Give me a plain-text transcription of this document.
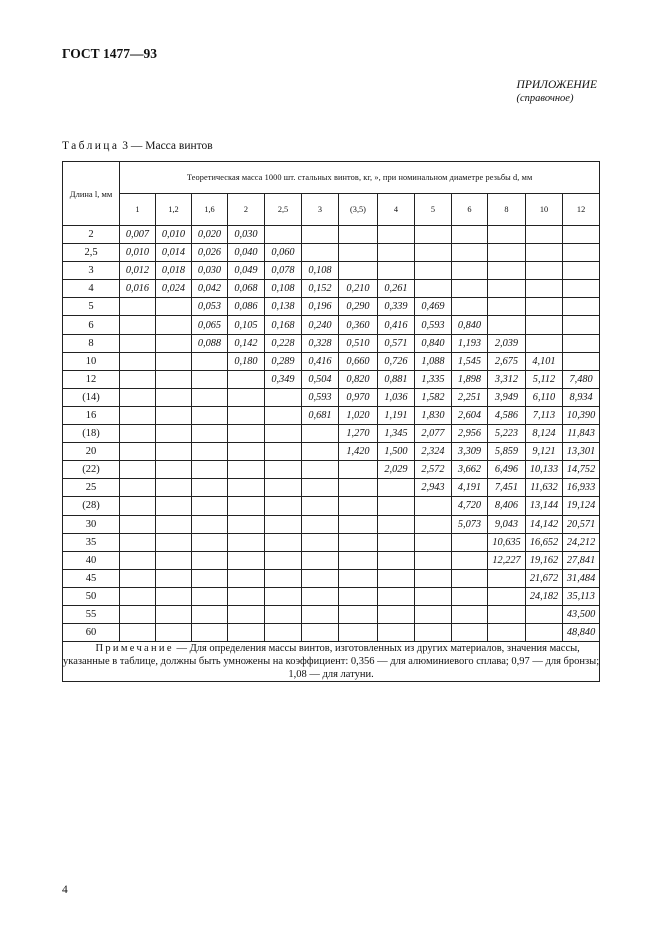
ГОСТ 1477—93
ПРИЛОЖЕНИЕ
(справочное)
Таблица 3 — Масса винтов
Длина l, мм	Теоретическая масса 1000 шт. стальных винтов, кг, », при номинальном диаметре резьбы d, мм												
	1	1,2	1,6	2	2,5	3	(3,5)	4	5	6	8	10	12
2	0,007	0,010	0,020	0,030									
2,5	0,010	0,014	0,026	0,040	0,060								
3	0,012	0,018	0,030	0,049	0,078	0,108							
4	0,016	0,024	0,042	0,068	0,108	0,152	0,210	0,261					
5			0,053	0,086	0,138	0,196	0,290	0,339	0,469				
6			0,065	0,105	0,168	0,240	0,360	0,416	0,593	0,840			
8			0,088	0,142	0,228	0,328	0,510	0,571	0,840	1,193	2,039		
10				0,180	0,289	0,416	0,660	0,726	1,088	1,545	2,675	4,101	
12					0,349	0,504	0,820	0,881	1,335	1,898	3,312	5,112	7,480
(14)						0,593	0,970	1,036	1,582	2,251	3,949	6,110	8,934
16						0,681	1,020	1,191	1,830	2,604	4,586	7,113	10,390
(18)							1,270	1,345	2,077	2,956	5,223	8,124	11,843
20							1,420	1,500	2,324	3,309	5,859	9,121	13,301
(22)								2,029	2,572	3,662	6,496	10,133	14,752
25									2,943	4,191	7,451	11,632	16,933
(28)										4,720	8,406	13,144	19,124
30										5,073	9,043	14,142	20,571
35											10,635	16,652	24,212
40											12,227	19,162	27,841
45												21,672	31,484
50												24,182	35,113
55													43,500
60													48,840
Примечание — Для определения массы винтов, изготовленных из других материалов, значения массы, указанные в таблице, должны быть умножены на коэффициент: 0,356 — для алюминиевого сплава; 0,97 — для бронзы; 1,08 — для латуни.													
4
